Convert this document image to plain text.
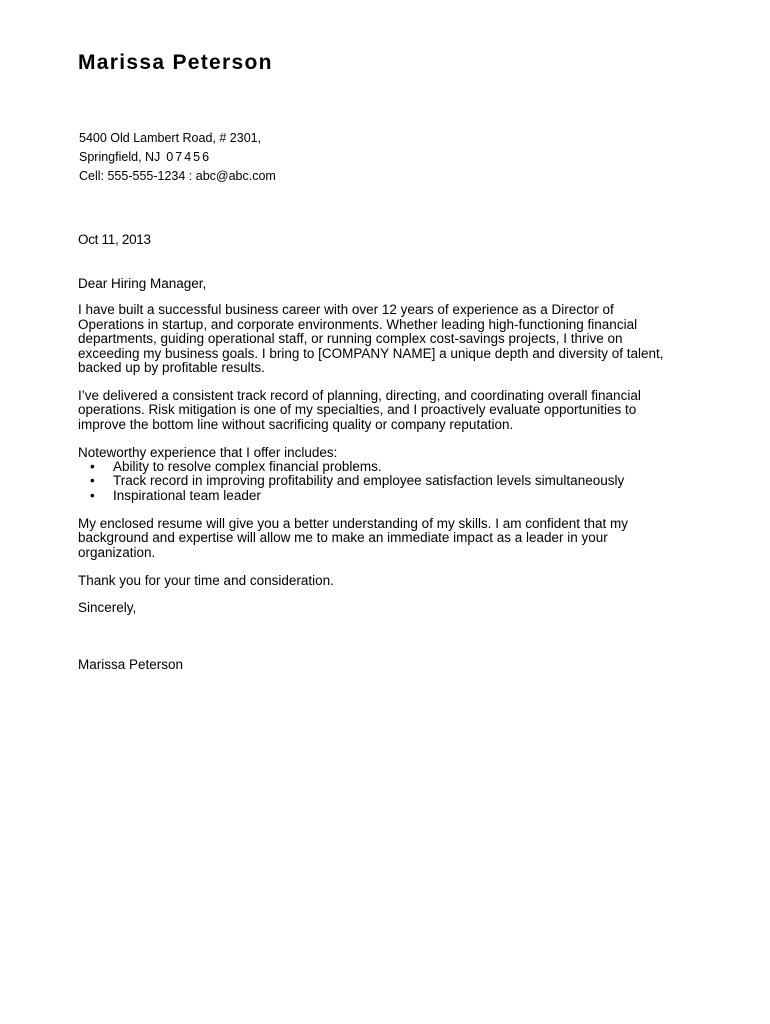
Marissa Peterson
5400 Old Lambert Road, # 2301,
Springfield, NJ 07456
Cell: 555-555-1234 : abc@abc.com
Oct 11, 2013

Dear Hiring Manager,

I have built a successful business career with over 12 years of experience as a Director of Operations in startup, and corporate environments. Whether leading high-functioning financial departments, guiding operational staff, or running complex cost-savings projects, I thrive on exceeding my business goals. I bring to [COMPANY NAME] a unique depth and diversity of talent, backed up by profitable results.

I’ve delivered a consistent track record of planning, directing, and coordinating overall financial operations. Risk mitigation is one of my specialties, and I proactively evaluate opportunities to improve the bottom line without sacrificing quality or company reputation.

Noteworthy experience that I offer includes:
• Ability to resolve complex financial problems.
• Track record in improving profitability and employee satisfaction levels simultaneously
• Inspirational team leader

My enclosed resume will give you a better understanding of my skills. I am confident that my background and expertise will allow me to make an immediate impact as a leader in your organization.

Thank you for your time and consideration.

Sincerely,

Marissa Peterson
